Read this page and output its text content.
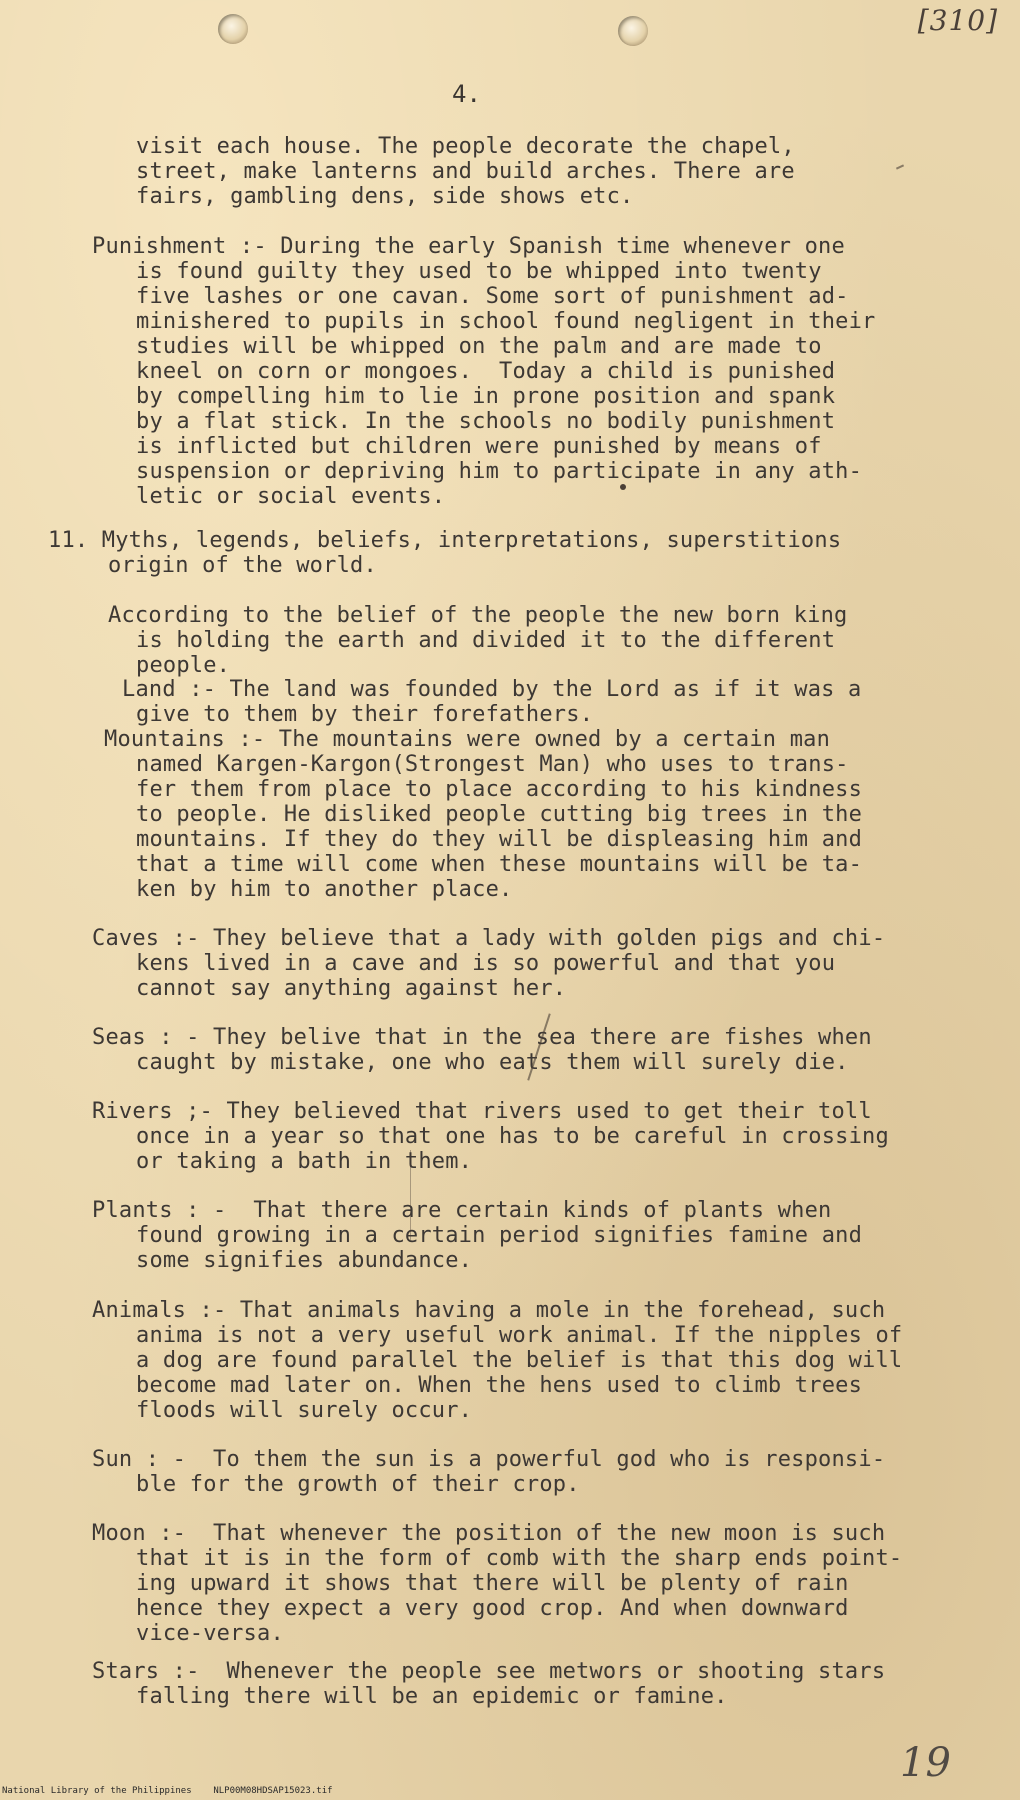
[310]
4.
visit each house. The people decorate the chapel,
street, make lanterns and build arches. There are
fairs, gambling dens, side shows etc.
Punishment :- During the early Spanish time whenever one
is found guilty they used to be whipped into twenty
five lashes or one cavan. Some sort of punishment ad-
minishered to pupils in school found negligent in their
studies will be whipped on the palm and are made to
kneel on corn or mongoes.  Today a child is punished
by compelling him to lie in prone position and spank
by a flat stick. In the schools no bodily punishment
is inflicted but children were punished by means of
suspension or depriving him to participate in any ath-
letic or social events.
11. Myths, legends, beliefs, interpretations, superstitions
origin of the world.
According to the belief of the people the new born king
is holding the earth and divided it to the different
people.
Land :- The land was founded by the Lord as if it was a
give to them by their forefathers.
Mountains :- The mountains were owned by a certain man
named Kargen-Kargon(Strongest Man) who uses to trans-
fer them from place to place according to his kindness
to people. He disliked people cutting big trees in the
mountains. If they do they will be displeasing him and
that a time will come when these mountains will be ta-
ken by him to another place.
Caves :- They believe that a lady with golden pigs and chi-
kens lived in a cave and is so powerful and that you
cannot say anything against her.
Seas : - They belive that in the sea there are fishes when
caught by mistake, one who eats them will surely die.
Rivers ;- They believed that rivers used to get their toll
once in a year so that one has to be careful in crossing
or taking a bath in them.
Plants : -  That there are certain kinds of plants when
found growing in a certain period signifies famine and
some signifies abundance.
Animals :- That animals having a mole in the forehead, such
anima is not a very useful work animal. If the nipples of
a dog are found parallel the belief is that this dog will
become mad later on. When the hens used to climb trees
floods will surely occur.
Sun : -  To them the sun is a powerful god who is responsi-
ble for the growth of their crop.
Moon :-  That whenever the position of the new moon is such
that it is in the form of comb with the sharp ends point-
ing upward it shows that there will be plenty of rain
hence they expect a very good crop. And when downward
vice-versa.
Stars :-  Whenever the people see metwors or shooting stars
falling there will be an epidemic or famine.
19
National Library of the Philippines    NLP00M08HDSAP15023.tif
